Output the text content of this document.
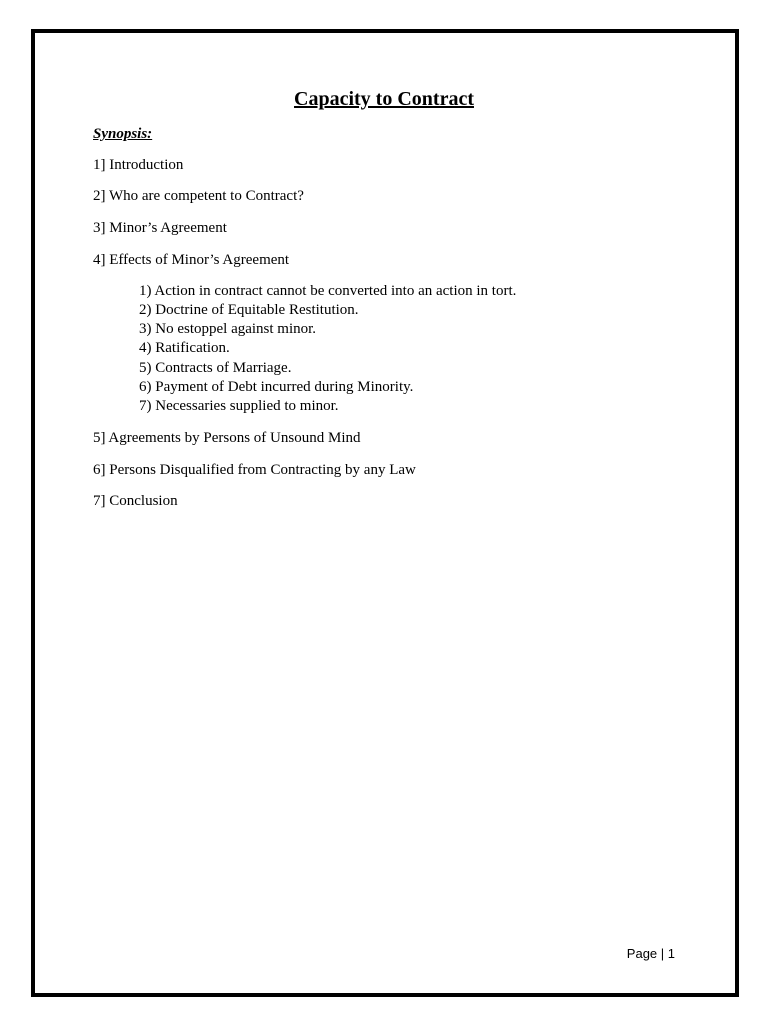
Capacity to Contract
Synopsis:
1] Introduction
2] Who are competent to Contract?
3] Minor’s Agreement
4] Effects of Minor’s Agreement
1) Action in contract cannot be converted into an action in tort.
2) Doctrine of Equitable Restitution.
3) No estoppel against minor.
4) Ratification.
5) Contracts of Marriage.
6) Payment of Debt incurred during Minority.
7) Necessaries supplied to minor.
5] Agreements by Persons of Unsound Mind
6] Persons Disqualified from Contracting by any Law
7] Conclusion
Page | 1
